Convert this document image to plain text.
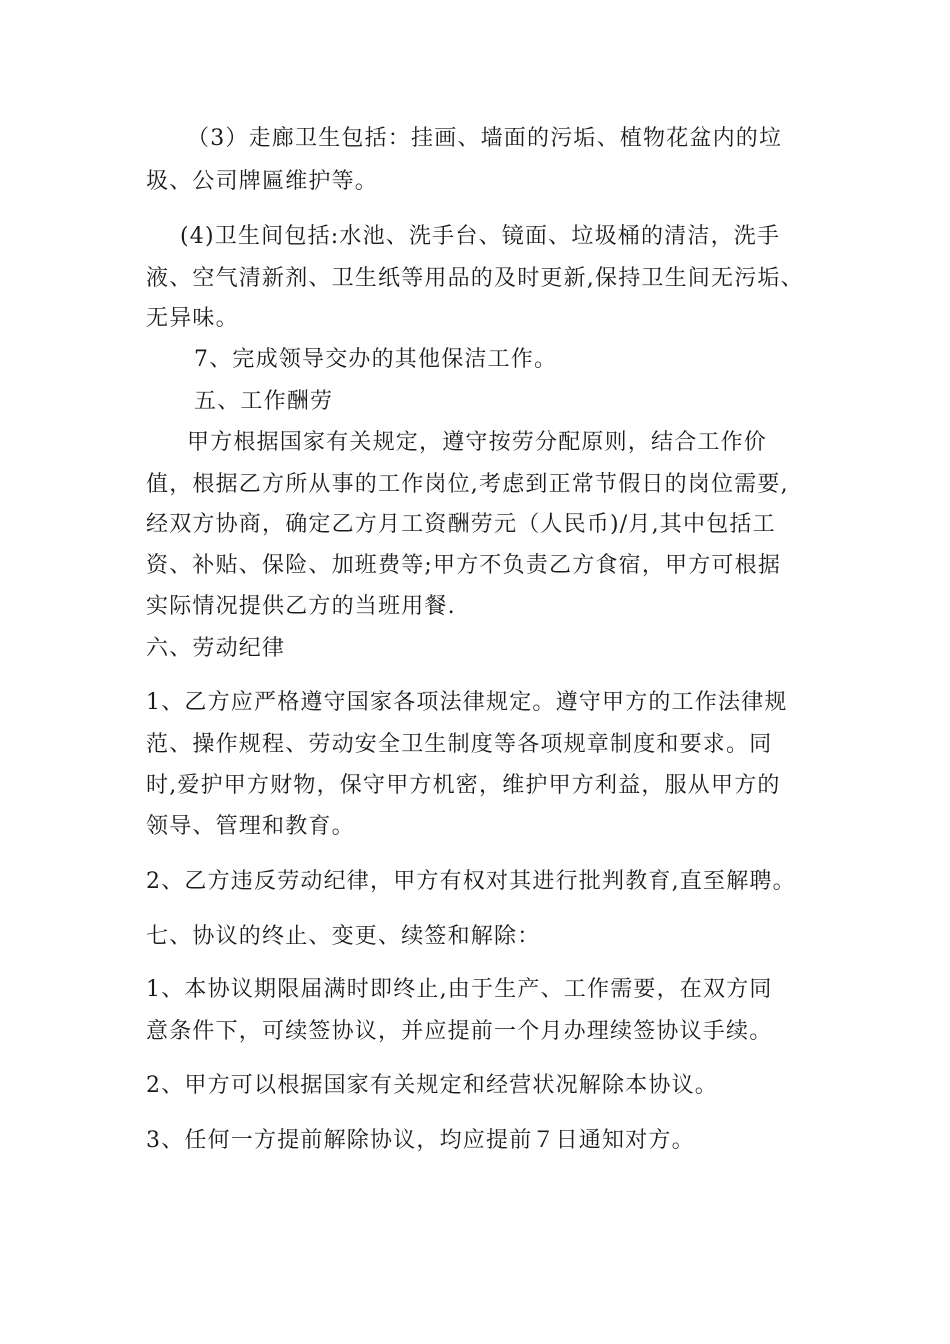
（3）走廊卫生包括：挂画、墙面的污垢、植物花盆内的垃
圾、公司牌匾维护等。
(4)卫生间包括:水池、洗手台、镜面、垃圾桶的清洁，洗手
液、空气清新剂、卫生纸等用品的及时更新,保持卫生间无污垢、
无异味。
7、完成领导交办的其他保洁工作。
五、工作酬劳
甲方根据国家有关规定，遵守按劳分配原则，结合工作价
值，根据乙方所从事的工作岗位,考虑到正常节假日的岗位需要,
经双方协商，确定乙方月工资酬劳元（人民币)/月,其中包括工
资、补贴、保险、加班费等;甲方不负责乙方食宿，甲方可根据
实际情况提供乙方的当班用餐.
六、劳动纪律
1、乙方应严格遵守国家各项法律规定。遵守甲方的工作法律规
范、操作规程、劳动安全卫生制度等各项规章制度和要求。同
时,爱护甲方财物，保守甲方机密，维护甲方利益，服从甲方的
领导、管理和教育。
2、乙方违反劳动纪律，甲方有权对其进行批判教育,直至解聘。
七、协议的终止、变更、续签和解除：
1、本协议期限届满时即终止,由于生产、工作需要，在双方同
意条件下，可续签协议，并应提前一个月办理续签协议手续。
2、甲方可以根据国家有关规定和经营状况解除本协议。
3、任何一方提前解除协议，均应提前７日通知对方。
